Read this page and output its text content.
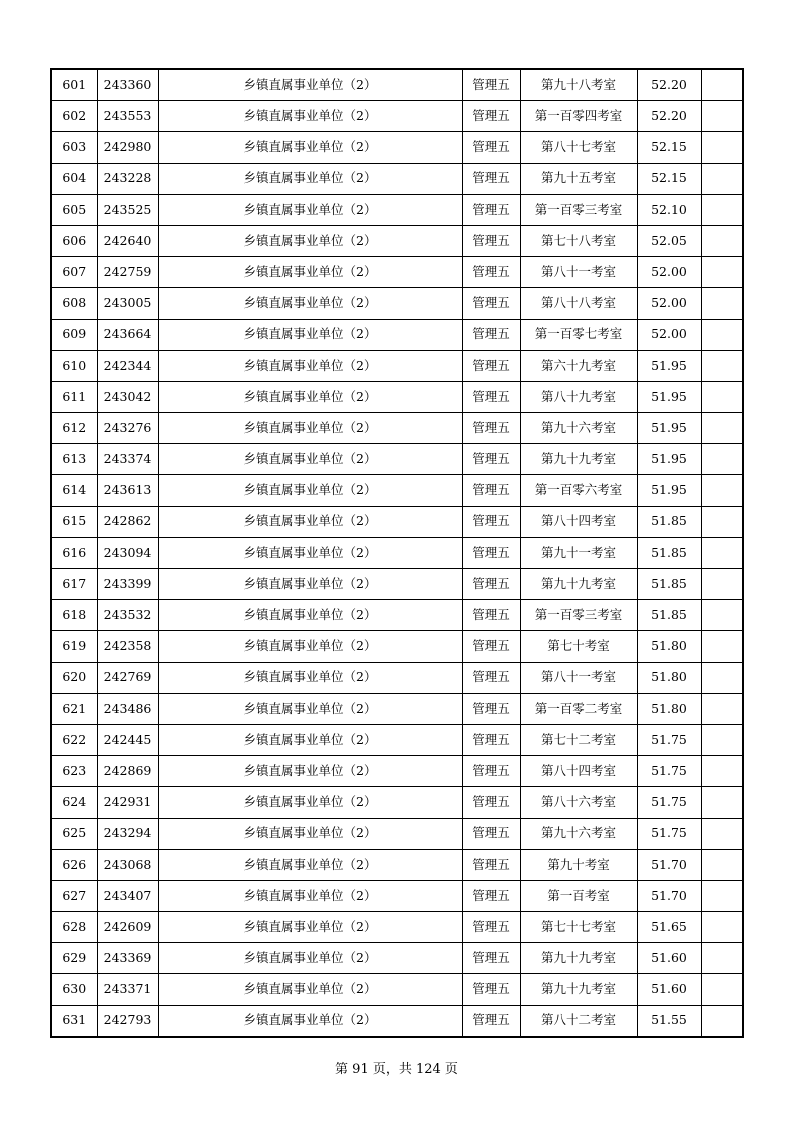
601	243360	乡镇直属事业单位（2）	管理五	第九十八考室	52.20	
602	243553	乡镇直属事业单位（2）	管理五	第一百零四考室	52.20	
603	242980	乡镇直属事业单位（2）	管理五	第八十七考室	52.15	
604	243228	乡镇直属事业单位（2）	管理五	第九十五考室	52.15	
605	243525	乡镇直属事业单位（2）	管理五	第一百零三考室	52.10	
606	242640	乡镇直属事业单位（2）	管理五	第七十八考室	52.05	
607	242759	乡镇直属事业单位（2）	管理五	第八十一考室	52.00	
608	243005	乡镇直属事业单位（2）	管理五	第八十八考室	52.00	
609	243664	乡镇直属事业单位（2）	管理五	第一百零七考室	52.00	
610	242344	乡镇直属事业单位（2）	管理五	第六十九考室	51.95	
611	243042	乡镇直属事业单位（2）	管理五	第八十九考室	51.95	
612	243276	乡镇直属事业单位（2）	管理五	第九十六考室	51.95	
613	243374	乡镇直属事业单位（2）	管理五	第九十九考室	51.95	
614	243613	乡镇直属事业单位（2）	管理五	第一百零六考室	51.95	
615	242862	乡镇直属事业单位（2）	管理五	第八十四考室	51.85	
616	243094	乡镇直属事业单位（2）	管理五	第九十一考室	51.85	
617	243399	乡镇直属事业单位（2）	管理五	第九十九考室	51.85	
618	243532	乡镇直属事业单位（2）	管理五	第一百零三考室	51.85	
619	242358	乡镇直属事业单位（2）	管理五	第七十考室	51.80	
620	242769	乡镇直属事业单位（2）	管理五	第八十一考室	51.80	
621	243486	乡镇直属事业单位（2）	管理五	第一百零二考室	51.80	
622	242445	乡镇直属事业单位（2）	管理五	第七十二考室	51.75	
623	242869	乡镇直属事业单位（2）	管理五	第八十四考室	51.75	
624	242931	乡镇直属事业单位（2）	管理五	第八十六考室	51.75	
625	243294	乡镇直属事业单位（2）	管理五	第九十六考室	51.75	
626	243068	乡镇直属事业单位（2）	管理五	第九十考室	51.70	
627	243407	乡镇直属事业单位（2）	管理五	第一百考室	51.70	
628	242609	乡镇直属事业单位（2）	管理五	第七十七考室	51.65	
629	243369	乡镇直属事业单位（2）	管理五	第九十九考室	51.60	
630	243371	乡镇直属事业单位（2）	管理五	第九十九考室	51.60	
631	242793	乡镇直属事业单位（2）	管理五	第八十二考室	51.55	
第 91 页，共 124 页
